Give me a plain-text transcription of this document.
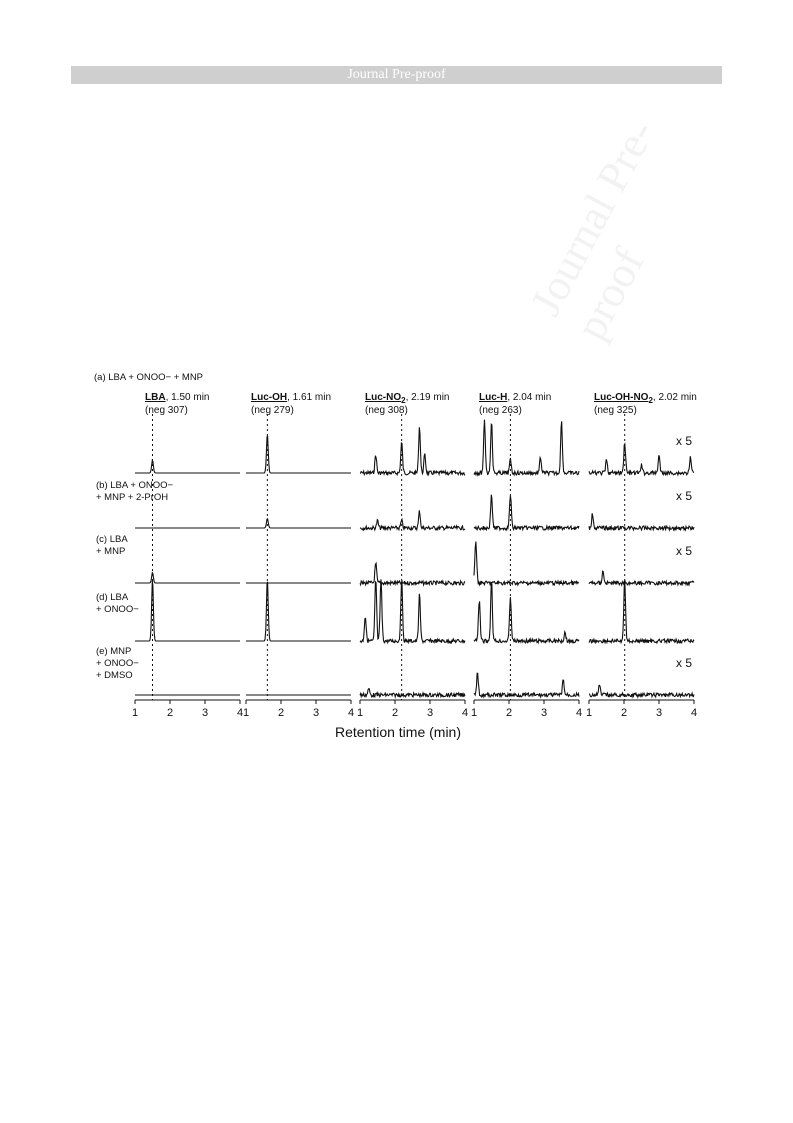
Journal Pre-proof
Journal Pre-proof
1	2	3	4 1	2	3	4 1	2	3	4 1	2	3	4 1	2	3	4
Retention time (min)
LBA, 1.50 min
(neg 307)
Luc-OH, 1.61 min
(neg 279)
Luc-$NO_2$, 2.19 min
(neg 308)
Luc-H, 2.04 min
(neg 263)
Luc-$OH-NO_2$, 2.02 min
(neg 325)
(a) LBA + ONOO− + MNP
(b) LBA + ONOO−
+ MNP + 2-PrOH
(c) LBA
+ MNP
(d) LBA
+ ONOO−
(e) MNP
+ ONOO−
+ DMSO
x 5
x 5
x 5
x 5
